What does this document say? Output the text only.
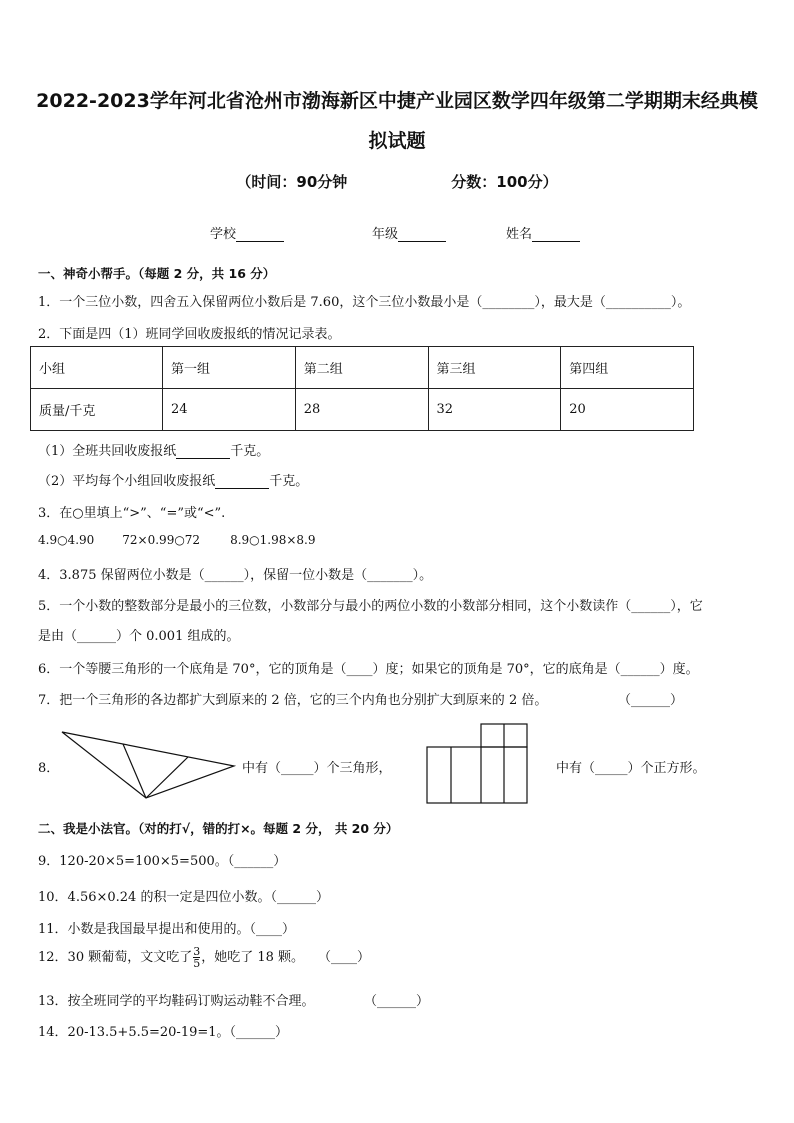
2022-2023学年河北省沧州市渤海新区中捷产业园区数学四年级第二学期期末经典模
拟试题
（时间：90分钟	分数：100分）
学校	年级	姓名
一、神奇小帮手。（每题 2 分，共 16 分）
1．一个三位小数，四舍五入保留两位小数后是 7.60，这个三位小数最小是（________），最大是（__________）。
2．下面是四（1）班同学回收废报纸的情况记录表。
小组	第一组	第二组	第三组	第四组
质量/千克	24	28	32	20
（1）全班共回收废报纸	千克。
（2）平均每个小组回收废报纸	千克。
3．在○里填上“>”、“=”或“<”.
4.9○4.90 72×0.99○72	8.9○1.98×8.9
4．3.875 保留两位小数是（______），保留一位小数是（_______）。
5．一个小数的整数部分是最小的三位数，小数部分与最小的两位小数的小数部分相同，这个小数读作（______），它
是由（______）个 0.001 组成的。
6．一个等腰三角形的一个底角是 70°，它的顶角是（____）度；如果它的顶角是 70°，它的底角是（______）度。
7．把一个三角形的各边都扩大到原来的 2 倍，它的三个内角也分别扩大到原来的 2 倍。	（______）
8．	中有（_____）个三角形，	中有（_____）个正方形。
二、我是小法官。（对的打√，错的打×。每题 2 分， 共 20 分）
9．120-20×5=100×5=500。（______）
10．4.56×0.24 的积一定是四位小数。（______）
11．小数是我国最早提出和使用的。（____）
12．30 颗葡萄，文文吃了 $\frac{3}{5}$ ，她吃了 18 颗。 （____）
13．按全班同学的平均鞋码订购运动鞋不合理。	（______）
14．20-13.5+5.5=20-19=1。（______）
